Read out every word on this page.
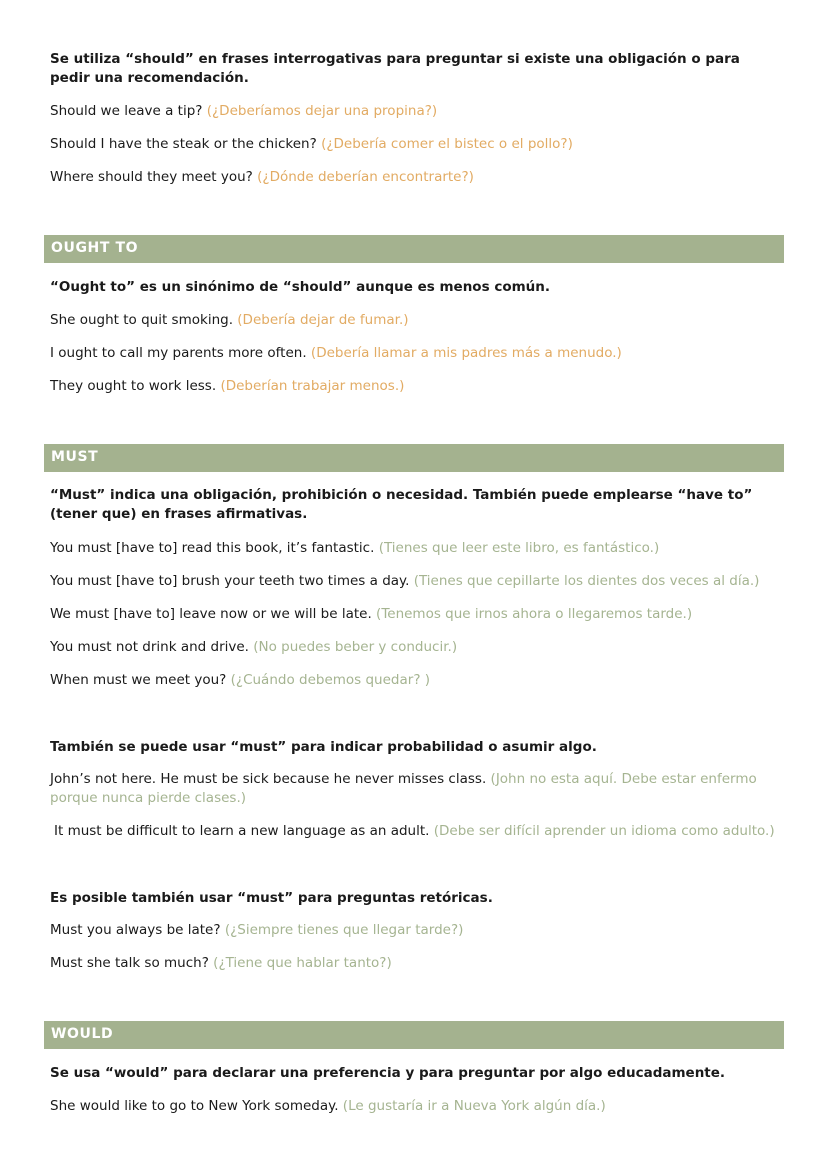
Se utiliza “should” en frases interrogativas para preguntar si existe una obligación o para pedir una recomendación.
Should we leave a tip? (¿Deberíamos dejar una propina?)
Should I have the steak or the chicken? (¿Debería comer el bistec o el pollo?)
Where should they meet you? (¿Dónde deberían encontrarte?)
OUGHT TO
“Ought to” es un sinónimo de “should” aunque es menos común.
She ought to quit smoking. (Debería dejar de fumar.)
I ought to call my parents more often. (Debería llamar a mis padres más a menudo.)
They ought to work less. (Deberían trabajar menos.)
MUST
“Must” indica una obligación, prohibición o necesidad. También puede emplearse “have to” (tener que) en frases afirmativas.
You must [have to] read this book, it’s fantastic. (Tienes que leer este libro, es fantástico.)
You must [have to] brush your teeth two times a day. (Tienes que cepillarte los dientes dos veces al día.)
We must [have to] leave now or we will be late. (Tenemos que irnos ahora o llegaremos tarde.)
You must not drink and drive. (No puedes beber y conducir.)
When must we meet you? (¿Cuándo debemos quedar? )
También se puede usar “must” para indicar probabilidad o asumir algo.
John’s not here. He must be sick because he never misses class. (John no esta aquí. Debe estar enfermo porque nunca pierde clases.)
It must be difficult to learn a new language as an adult. (Debe ser difícil aprender un idioma como adulto.)
Es posible también usar “must” para preguntas retóricas.
Must you always be late? (¿Siempre tienes que llegar tarde?)
Must she talk so much? (¿Tiene que hablar tanto?)
WOULD
Se usa “would” para declarar una preferencia y para preguntar por algo educadamente.
She would like to go to New York someday. (Le gustaría ir a Nueva York algún día.)
